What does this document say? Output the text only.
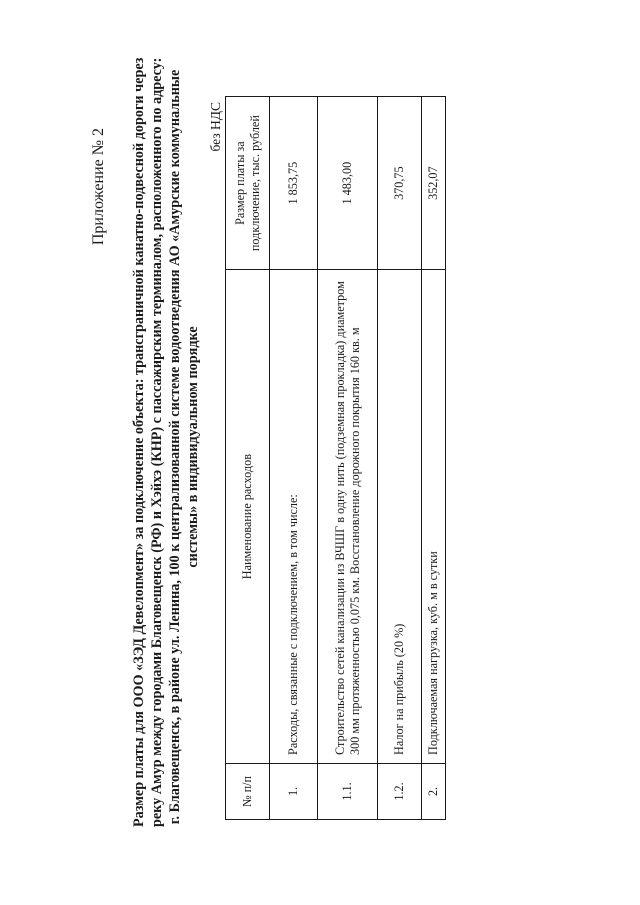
Приложение № 2 Размер платы для ООО «ЗЭД Девелопмент» за подключение объекта: трансграничной канатно-подвесной дороги через реку Амур между городами Благовещенск (РФ) и Хэйхэ (КНР) с пассажирским терминалом, расположенного по адресу: г. Благовещенск, в районе ул. Ленина, 100 к централизованной системе водоотведения АО «Амурские коммунальные системы» в индивидуальном порядке
без НДС
№ п/п	Наименование расходов	Размер платы за подключение, тыс. рублей
1.	Расходы, связанные с подключением, в том числе:	1 853,75
1.1.	Строительство сетей канализации из ВЧШГ в одну нить (подземная прокладка) диаметром 300 мм протяженностью 0,075 км. Восстановление дорожного покрытия 160 кв. м	1 483,00
1.2.	Налог на прибыль (20 %)	370,75
2.	Подключаемая нагрузка, куб. м в сутки	352,07
